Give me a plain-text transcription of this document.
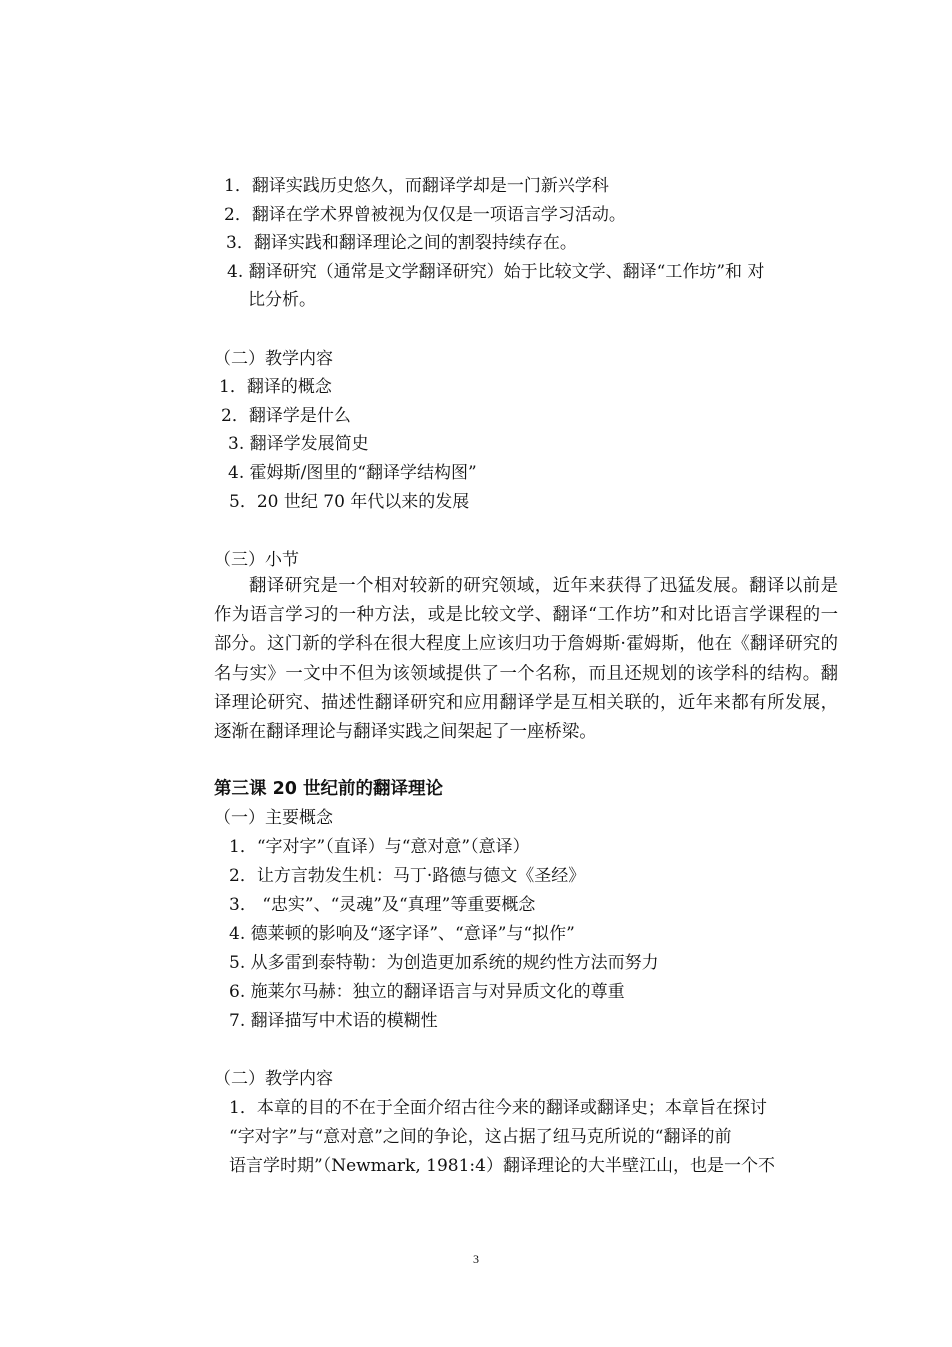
1．翻译实践历史悠久，而翻译学却是一门新兴学科
2．翻译在学术界曾被视为仅仅是一项语言学习活动。
3．翻译实践和翻译理论之间的割裂持续存在。
4. 翻译研究（通常是文学翻译研究）始于比较文学、翻译“工作坊”和 对
比分析。
（二）教学内容
1．翻译的概念
2．翻译学是什么
3. 翻译学发展简史
4. 霍姆斯/图里的“翻译学结构图”
5．20 世纪 70 年代以来的发展
（三）小节
翻译研究是一个相对较新的研究领域，近年来获得了迅猛发展。翻译以前是作为语言学习的一种方法，或是比较文学、翻译“工作坊”和对比语言学课程的一部分。这门新的学科在很大程度上应该归功于詹姆斯·霍姆斯，他在《翻译研究的名与实》一文中不但为该领域提供了一个名称，而且还规划的该学科的结构。翻译理论研究、描述性翻译研究和应用翻译学是互相关联的，近年来都有所发展，逐渐在翻译理论与翻译实践之间架起了一座桥梁。
第三课 20 世纪前的翻译理论
（一）主要概念
1．“字对字”（直译）与“意对意”（意译）
2．让方言勃发生机：马丁·路德与德文《圣经》
3． “忠实”、“灵魂”及“真理”等重要概念
4. 德莱顿的影响及“逐字译”、“意译”与“拟作”
5. 从多雷到泰特勒：为创造更加系统的规约性方法而努力
6. 施莱尔马赫：独立的翻译语言与对异质文化的尊重
7. 翻译描写中术语的模糊性
（二）教学内容
1．本章的目的不在于全面介绍古往今来的翻译或翻译史；本章旨在探讨
“字对字”与“意对意”之间的争论，这占据了纽马克所说的“翻译的前
语言学时期”（Newmark, 1981:4）翻译理论的大半壁江山，也是一个不
3
